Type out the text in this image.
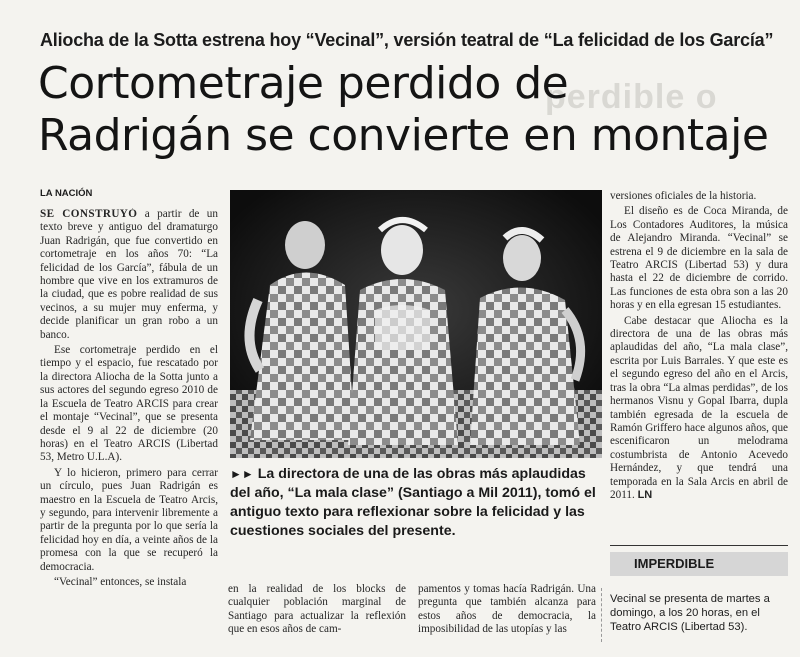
perdible o
Aliocha de la Sotta estrena hoy “Vecinal”, versión teatral de “La felicidad de los García”
Cortometraje perdido de
Radrigán se convierte en montaje
LA NACIÓN

SE CONSTRUYÓ a partir de un texto breve y antiguo del dramaturgo Juan Radrigán, que fue convertido en cortometraje en los años 70: “La felicidad de los García”, fábula de un hombre que vive en los extramuros de la ciudad, que es pobre realidad de sus vecinos, a su mujer muy enferma, y decide planificar un gran robo a un banco.

Ese cortometraje perdido en el tiempo y el espacio, fue rescatado por la directora Aliocha de la Sotta junto a sus actores del segundo egreso 2010 de la Escuela de Teatro ARCIS para crear el montaje “Vecinal”, que se presenta desde el 9 al 22 de diciembre (20 horas) en el Teatro ARCIS (Libertad 53, Metro U.L.A).

Y lo hicieron, primero para cerrar un círculo, pues Juan Radrigán es maestro en la Escuela de Teatro Arcis, y segundo, para intervenir libremente a partir de la pregunta por lo que sería la felicidad hoy en día, a veinte años de la promesa con la que se recuperó la democracia.

“Vecinal” entonces, se instala

►► La directora de una de las obras más aplaudidas del año, “La mala clase” (Santiago a Mil 2011), tomó el antiguo texto para reflexionar sobre la felicidad y las cuestiones sociales del presente.

en la realidad de los blocks de cualquier población marginal de Santiago para actualizar la reflexión que en esos años de cam-

pamentos y tomas hacía Radrigán. Una pregunta que también alcanza para estos años de democracia, la imposibilidad de las utopías y las

versiones oficiales de la historia.

El diseño es de Coca Miranda, de Los Contadores Auditores, la música de Alejandro Miranda. “Vecinal” se estrena el 9 de diciembre en la sala de Teatro ARCIS (Libertad 53) y dura hasta el 22 de diciembre de corrido. Las funciones de esta obra son a las 20 horas y en ella egresan 15 estudiantes.

Cabe destacar que Aliocha es la directora de una de las obras más aplaudidas del año, “La mala clase”, escrita por Luis Barrales. Y que este es el segundo egreso del año en el Arcis, tras la obra “La almas perdidas”, de los hermanos Visnu y Gopal Ibarra, dupla también egresada de la escuela de Ramón Griffero hace algunos años, que escenificaron un melodrama costumbrista de Antonio Acevedo Hernández, y que tendrá una temporada en la Sala Arcis en abril de 2011. LN

IMPERDIBLE
Vecinal se presenta de martes a domingo, a los 20 horas, en el Teatro ARCIS (Libertad 53).
